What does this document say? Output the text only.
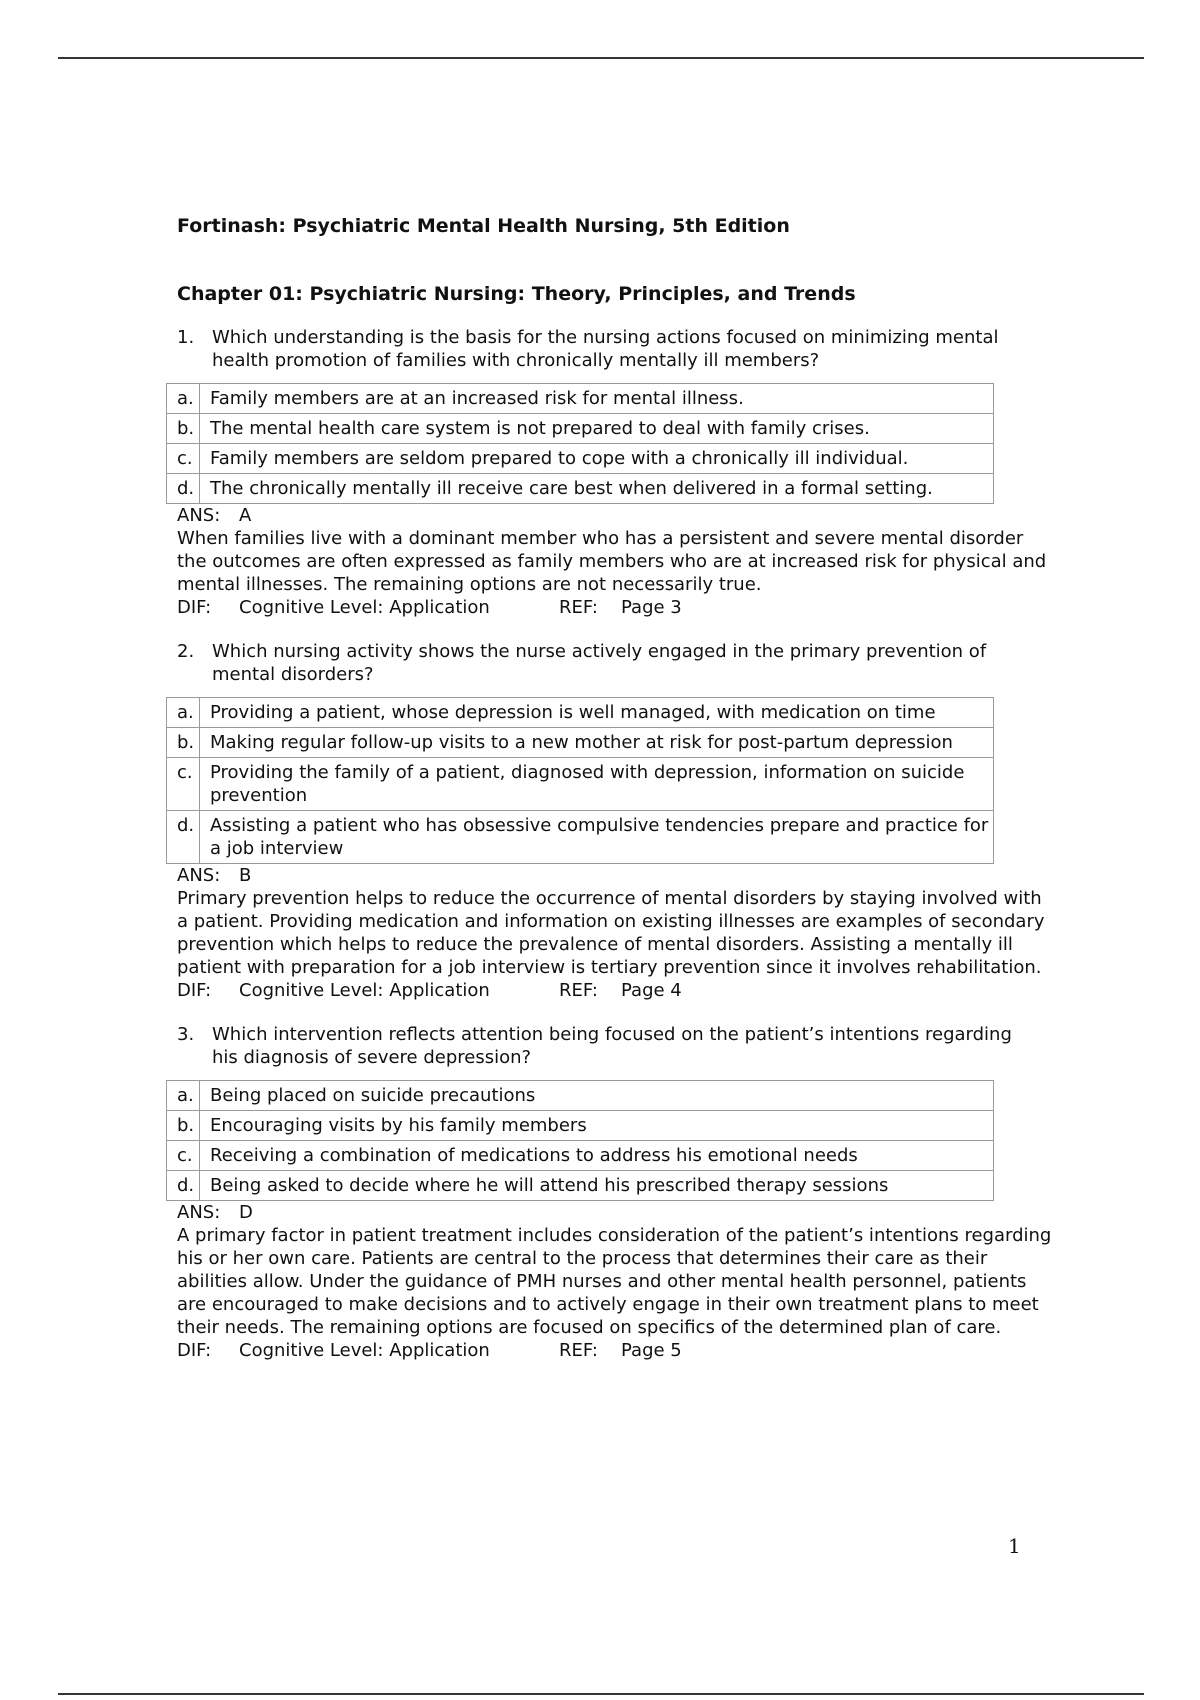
Fortinash: Psychiatric Mental Health Nursing, 5th Edition

Chapter 01: Psychiatric Nursing: Theory, Principles, and Trends

1. Which understanding is the basis for the nursing actions focused on minimizing mental health promotion of families with chronically mentally ill members?
a.	Family members are at an increased risk for mental illness.
b.	The mental health care system is not prepared to deal with family crises.
c.	Family members are seldom prepared to cope with a chronically ill individual.
d.	The chronically mentally ill receive care best when delivered in a formal setting.
ANS: A

When families live with a dominant member who has a persistent and severe mental disorder the outcomes are often expressed as family members who are at increased risk for physical and mental illnesses. The remaining options are not necessarily true.

DIF:	Cognitive Level: Application	REF:	Page 3
2. Which nursing activity shows the nurse actively engaged in the primary prevention of mental disorders?
a.	Providing a patient, whose depression is well managed, with medication on time
b.	Making regular follow-up visits to a new mother at risk for post-partum depression
c.	Providing the family of a patient, diagnosed with depression, information on suicide prevention
d.	Assisting a patient who has obsessive compulsive tendencies prepare and practice for a job interview
ANS: B

Primary prevention helps to reduce the occurrence of mental disorders by staying involved with a patient. Providing medication and information on existing illnesses are examples of secondary prevention which helps to reduce the prevalence of mental disorders. Assisting a mentally ill patient with preparation for a job interview is tertiary prevention since it involves rehabilitation.

DIF:	Cognitive Level: Application	REF:	Page 4
3. Which intervention reflects attention being focused on the patient’s intentions regarding his diagnosis of severe depression?
a.	Being placed on suicide precautions
b.	Encouraging visits by his family members
c.	Receiving a combination of medications to address his emotional needs
d.	Being asked to decide where he will attend his prescribed therapy sessions
ANS: D

A primary factor in patient treatment includes consideration of the patient’s intentions regarding his or her own care. Patients are central to the process that determines their care as their abilities allow. Under the guidance of PMH nurses and other mental health personnel, patients are encouraged to make decisions and to actively engage in their own treatment plans to meet their needs. The remaining options are focused on specifics of the determined plan of care.

DIF:	Cognitive Level: Application	REF:	Page 5
1
